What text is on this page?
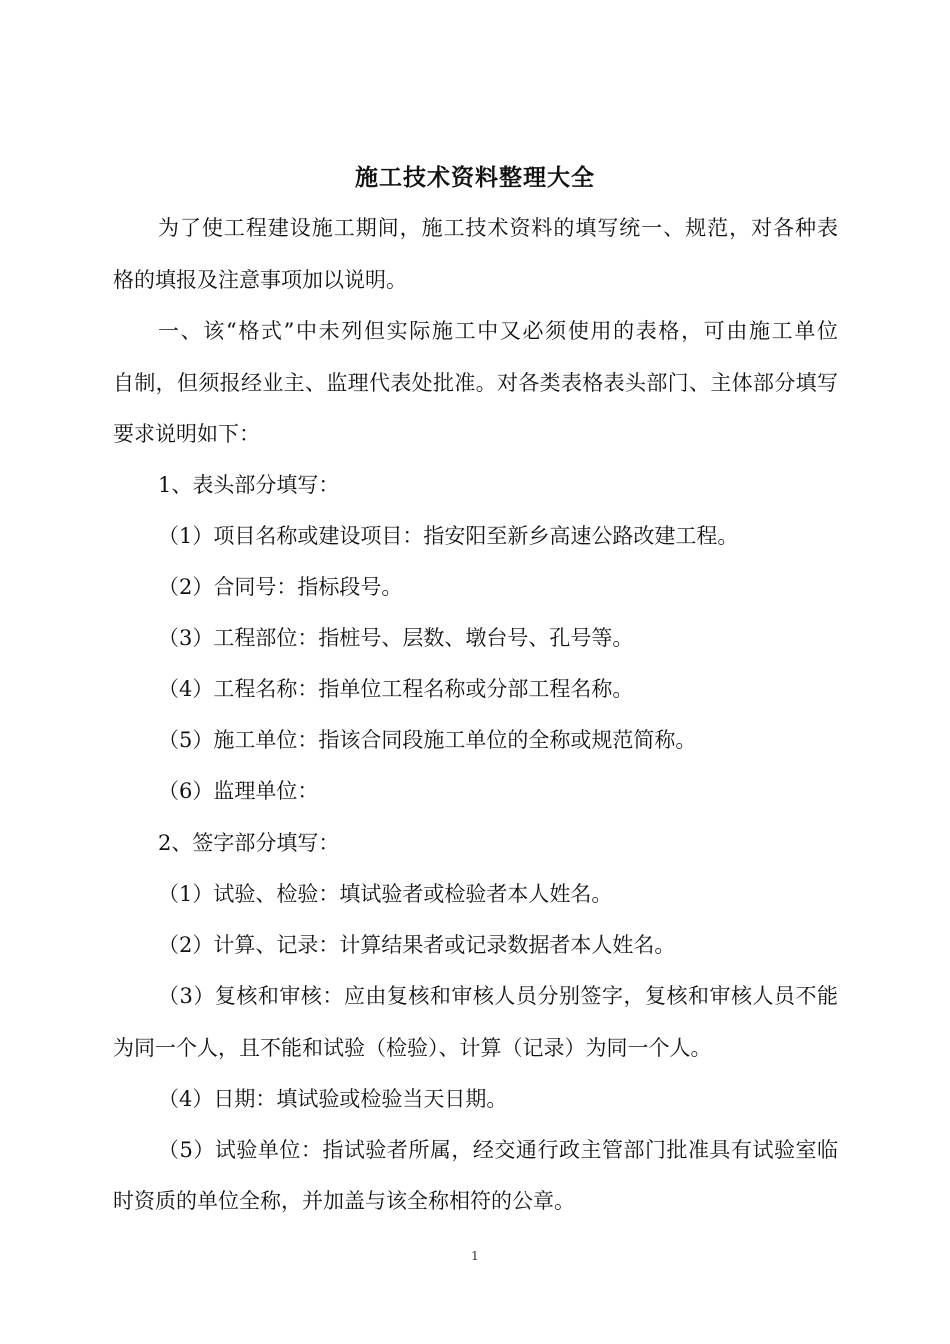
施工技术资料整理大全
为了使工程建设施工期间，施工技术资料的填写统一、规范，对各种表
格的填报及注意事项加以说明。
一、该“格式”中未列但实际施工中又必须使用的表格，可由施工单位
自制，但须报经业主、监理代表处批准。对各类表格表头部门、主体部分填写
要求说明如下：
1、表头部分填写：
（1）项目名称或建设项目：指安阳至新乡高速公路改建工程。
（2）合同号：指标段号。
（3）工程部位：指桩号、层数、墩台号、孔号等。
（4）工程名称：指单位工程名称或分部工程名称。
（5）施工单位：指该合同段施工单位的全称或规范简称。
（6）监理单位：
2、签字部分填写：
（1）试验、检验：填试验者或检验者本人姓名。
（2）计算、记录：计算结果者或记录数据者本人姓名。
（3）复核和审核：应由复核和审核人员分别签字，复核和审核人员不能
为同一个人，且不能和试验（检验）、计算（记录）为同一个人。
（4）日期：填试验或检验当天日期。
（5）试验单位：指试验者所属，经交通行政主管部门批准具有试验室临
时资质的单位全称，并加盖与该全称相符的公章。
1
